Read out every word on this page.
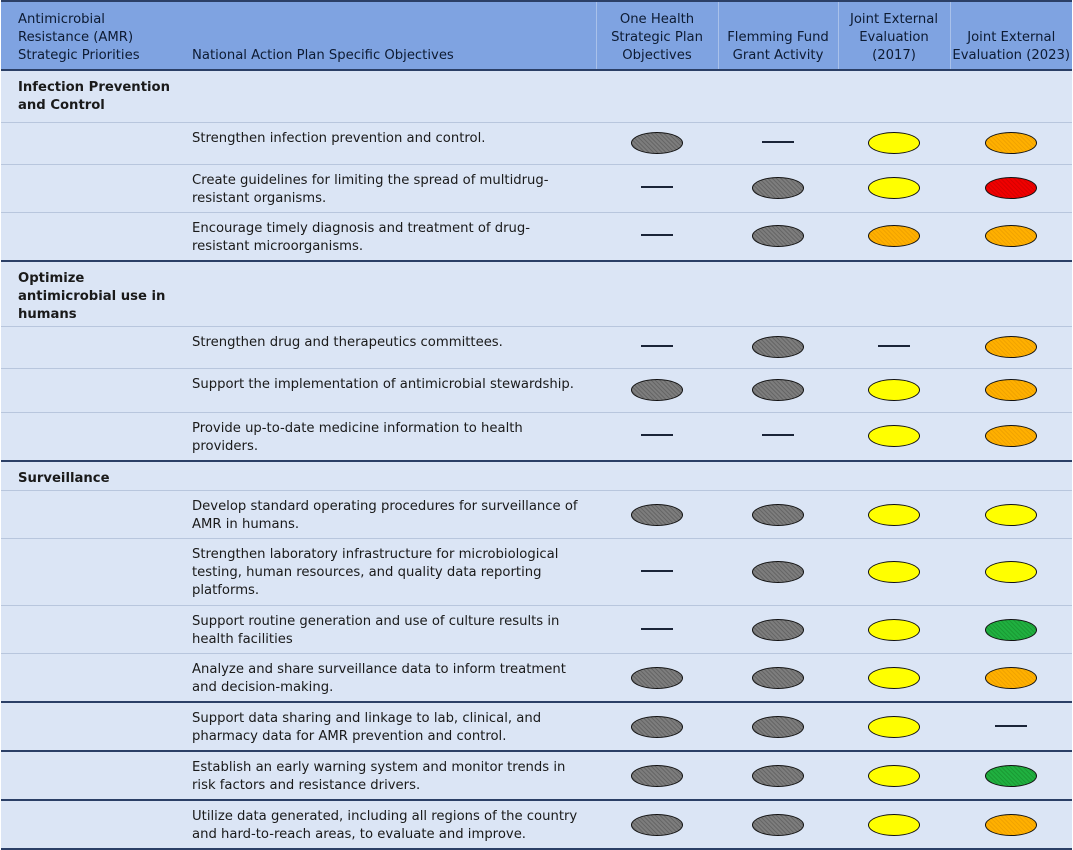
Antimicrobial Resistance (AMR) Strategic Priorities	National Action Plan Specific Objectives	One Health Strategic Plan Objectives	Flemming Fund Grant Activity	Joint External Evaluation (2017)	Joint External Evaluation (2023)
Infection Prevention and Control					
	Strengthen infection prevention and control.				
	Create guidelines for limiting the spread of multidrug-resistant organisms.				
	Encourage timely diagnosis and treatment of drug-resistant microorganisms.				
Optimize antimicrobial use in humans					
	Strengthen drug and therapeutics committees.				
	Support the implementation of antimicrobial stewardship.				
	Provide up-to-date medicine information to health providers.				
Surveillance					
	Develop standard operating procedures for surveillance of AMR in humans.				
	Strengthen laboratory infrastructure for microbiological testing, human resources, and quality data reporting platforms.				
	Support routine generation and use of culture results in health facilities				
	Analyze and share surveillance data to inform treatment and decision-making.				
	Support data sharing and linkage to lab, clinical, and pharmacy data for AMR prevention and control.				
	Establish an early warning system and monitor trends in risk factors and resistance drivers.				
	Utilize data generated, including all regions of the country and hard-to-reach areas, to evaluate and improve.				
